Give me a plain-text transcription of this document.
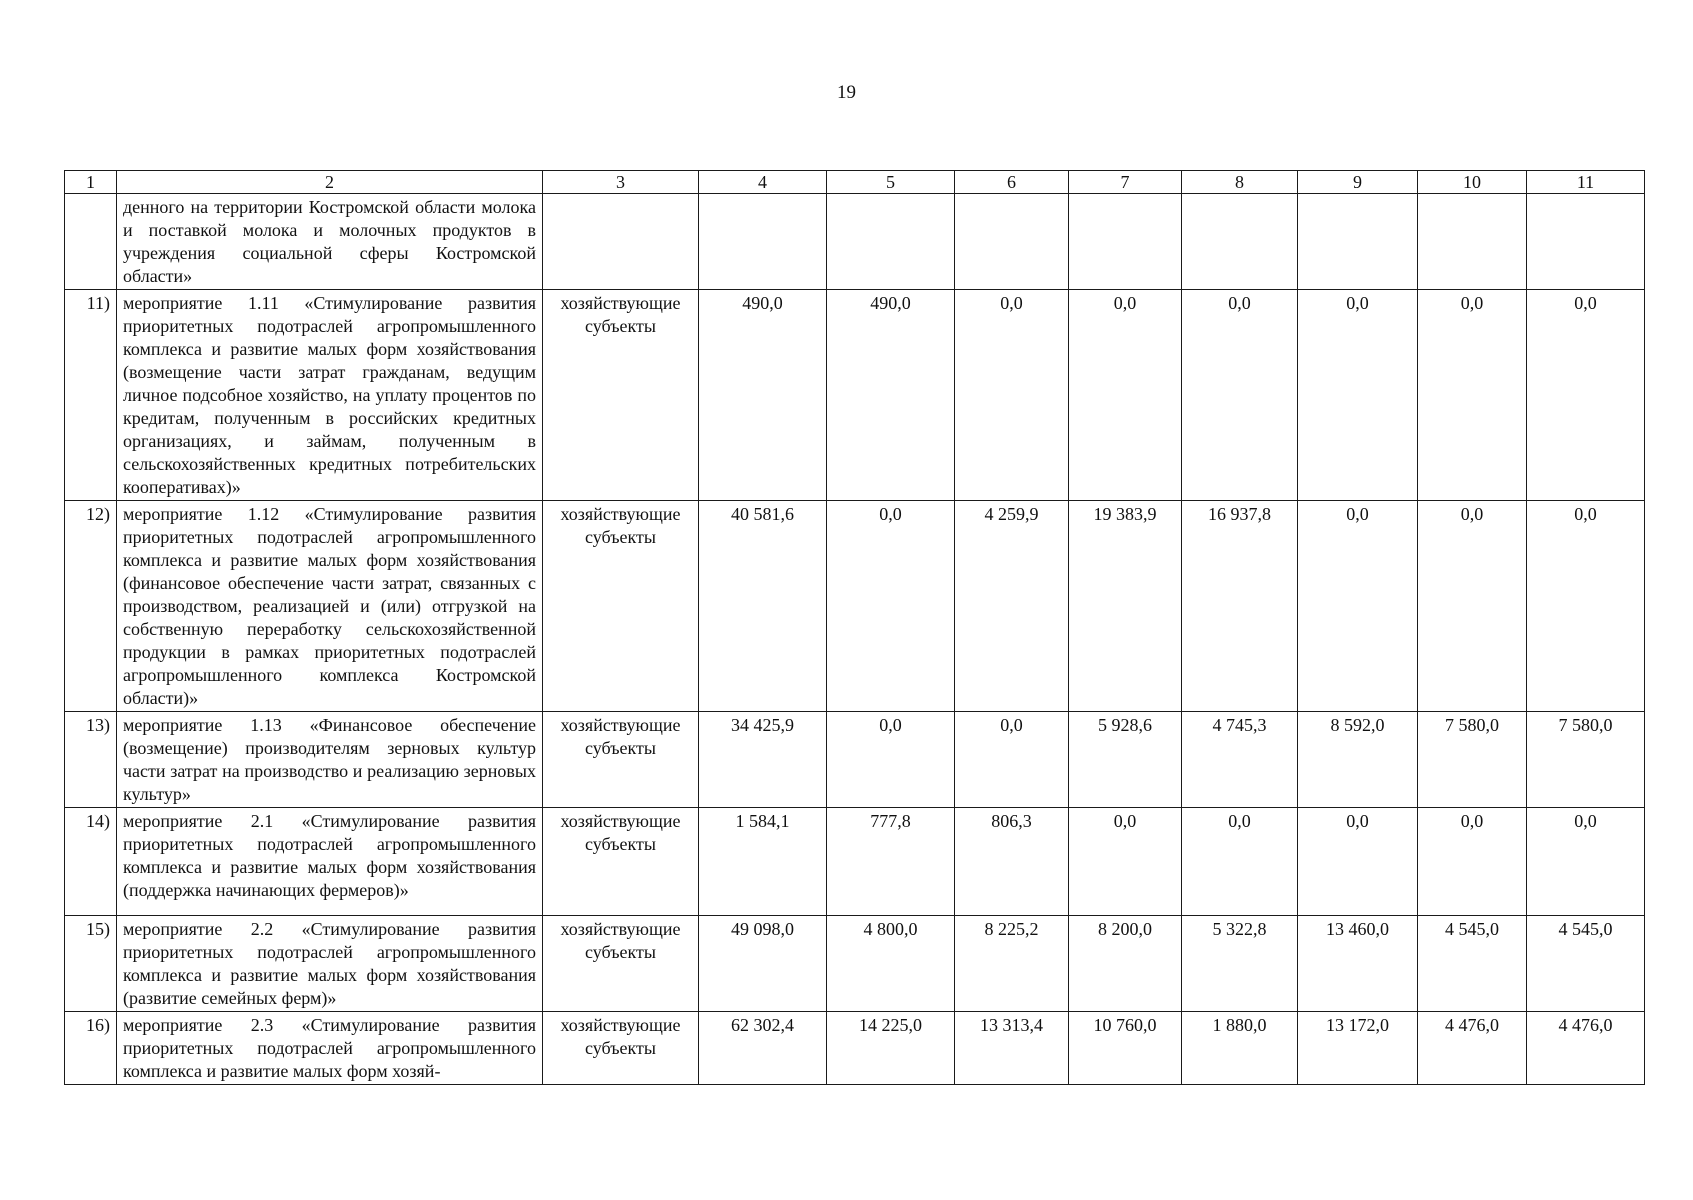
19
1	2	3	4	5	6	7	8	9	10	11
	денного на территории Костромской области молока и поставкой молока и молочных продуктов в учреждения социальной сферы Костромской области»									
11)	мероприятие 1.11 «Стимулирование развития приоритетных подотраслей агропромышленного комплекса и развитие малых форм хозяйствования (возмещение части затрат гражданам, ведущим личное подсобное хозяйство, на уплату процентов по кредитам, полученным в российских кредитных организациях, и займам, полученным в сельскохозяйственных кредитных потребительских кооперативах)»	хозяйствующие субъекты	490,0	490,0	0,0	0,0	0,0	0,0	0,0	0,0
12)	мероприятие 1.12 «Стимулирование развития приоритетных подотраслей агропромышленного комплекса и развитие малых форм хозяйствования (финансовое обеспечение части затрат, связанных с производством, реализацией и (или) отгрузкой на собственную переработку сельскохозяйственной продукции в рамках приоритетных подотраслей агропромышленного комплекса Костромской области)»	хозяйствующие субъекты	40 581,6	0,0	4 259,9	19 383,9	16 937,8	0,0	0,0	0,0
13)	мероприятие 1.13 «Финансовое обеспечение (возмещение) производителям зерновых культур части затрат на производство и реализацию зерновых культур»	хозяйствующие субъекты	34 425,9	0,0	0,0	5 928,6	4 745,3	8 592,0	7 580,0	7 580,0
14)	мероприятие 2.1 «Стимулирование развития приоритетных подотраслей агропромышленного комплекса и развитие малых форм хозяйствования (поддержка начинающих фермеров)»	хозяйствующие субъекты	1 584,1	777,8	806,3	0,0	0,0	0,0	0,0	0,0
15)	мероприятие 2.2 «Стимулирование развития приоритетных подотраслей агропромышленного комплекса и развитие малых форм хозяйствования (развитие семейных ферм)»	хозяйствующие субъекты	49 098,0	4 800,0	8 225,2	8 200,0	5 322,8	13 460,0	4 545,0	4 545,0
16)	мероприятие 2.3 «Стимулирование развития приоритетных подотраслей агропромышленного комплекса и развитие малых форм хозяй-	хозяйствующие субъекты	62 302,4	14 225,0	13 313,4	10 760,0	1 880,0	13 172,0	4 476,0	4 476,0
